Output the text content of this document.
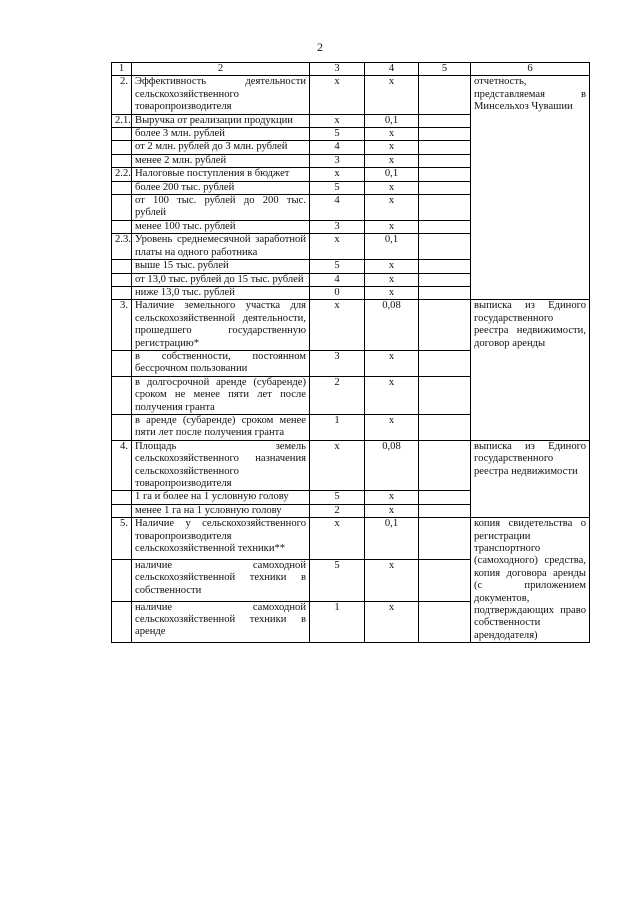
2
1	2	3	4	5	6
2.	Эффективность деятельности сельскохозяйственного товаропроизводителя	x	x		отчетность, представляемая в Минсельхоз Чувашии
2.1.	Выручка от реализации продукции	x	0,1		
	более 3 млн. рублей	5	x		
	от 2 млн. рублей до 3 млн. рублей	4	x		
	менее 2 млн. рублей	3	x		
2.2.	Налоговые поступления в бюджет	x	0,1		
	более 200 тыс. рублей	5	x		
	от 100 тыс. рублей до 200 тыс. рублей	4	x		
	менее 100 тыс. рублей	3	x		
2.3.	Уровень среднемесячной заработной платы на одного работника	x	0,1		
	выше 15 тыс. рублей	5	x		
	от 13,0 тыс. рублей до 15 тыс. рублей	4	x		
	ниже 13,0 тыс. рублей	0	x		
3.	Наличие земельного участка для сельскохозяйственной деятельности, прошедшего государственную регистрацию*	x	0,08		выписка из Единого государственного реестра недвижимости, договор аренды
	в собственности, постоянном бессрочном пользовании	3	x		
	в долгосрочной аренде (субаренде) сроком не менее пяти лет после получения гранта	2	x		
	в аренде (субаренде) сроком менее пяти лет после получения гранта	1	x		
4.	Площадь земель сельскохозяйственного назначения сельскохозяйственного товаропроизводителя	x	0,08		выписка из Единого государственного реестра недвижимости
	1 га и более на 1 условную голову	5	x		
	менее 1 га на 1 условную голову	2	x		
5.	Наличие у сельскохозяйственного товаропроизводителя сельскохозяйственной техники**	x	0,1		копия свидетельства о регистрации транспортного (самоходного) средства, копия договора аренды (с приложением документов, подтверждающих право собственности арендодателя)
	наличие самоходной сельскохозяйственной техники в собственности	5	x		
	наличие самоходной сельскохозяйственной техники в аренде	1	x		
